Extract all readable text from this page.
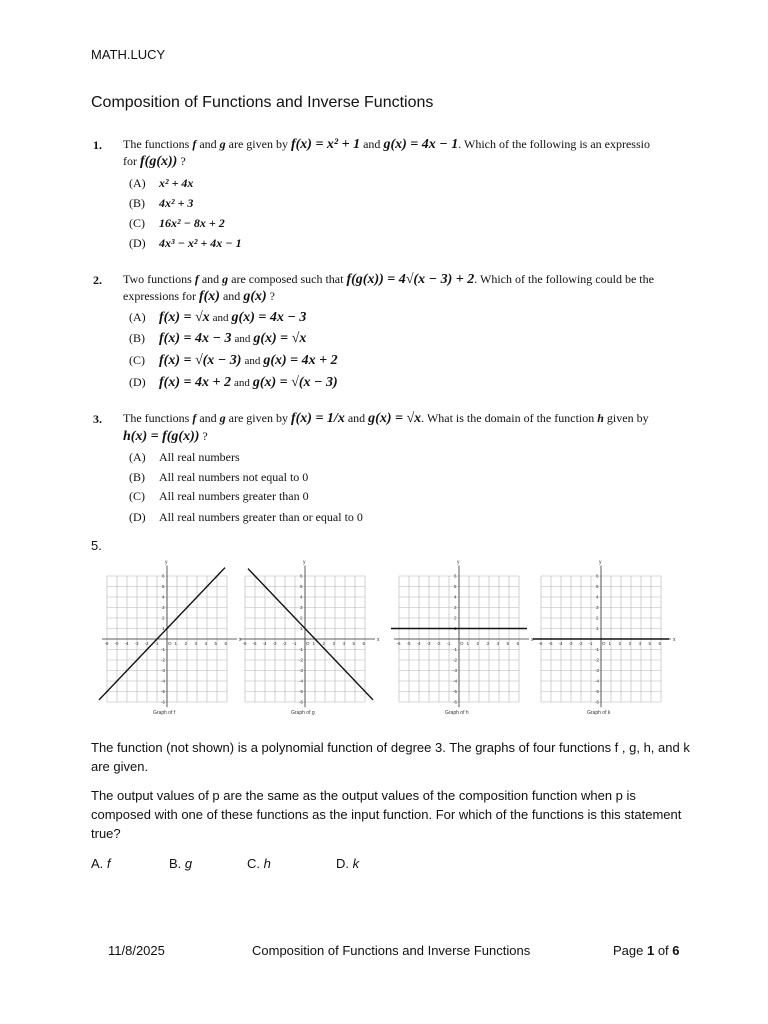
MATH.LUCY
Composition of Functions and Inverse Functions
1. The functions f and g are given by f(x) = x² + 1 and g(x) = 4x − 1. Which of the following is an expressio
for f(g(x)) ?
(A) x² + 4x
(B) 4x² + 3
(C) 16x² − 8x + 2
(D) 4x³ − x² + 4x − 1
2. Two functions f and g are composed such that f(g(x)) = 4√(x − 3) + 2. Which of the following could be the
expressions for f(x) and g(x) ?
(A) f(x) = √x and g(x) = 4x − 3
(B) f(x) = 4x − 3 and g(x) = √x
(C) f(x) = √(x − 3) and g(x) = 4x + 2
(D) f(x) = 4x + 2 and g(x) = √(x − 3)
3. The functions f and g are given by f(x) = 1/x and g(x) = √x. What is the domain of the function h given by
h(x) = f(g(x)) ?
(A) All real numbers
(B) All real numbers not equal to 0
(C) All real numbers greater than 0
(D) All real numbers greater than or equal to 0
5.
x
y
-6 -5 -4 -3 -2 -1 O 1 2 3 4 5 6
6
5
4
3
2
1
-1
-2
-3
-4
-5
-6
Graph of f
x
y
-6 -5 -4 -3 -2 -1 O 1 2 3 4 5 6
6
5
4
3
2
1
-1
-2
-3
-4
-5
-6
Graph of g
x
y
-6 -5 -4 -3 -2 -1 O 1 2 3 4 5 6
6
5
4
3
2
1
-1
-2
-3
-4
-5
-6
Graph of h
x
y
-6 -5 -4 -3 -2 -1 O 1 2 3 4 5 6
6
5
4
3
2
1
-1
-2
-3
-4
-5
-6
Graph of k
The function (not shown) is a polynomial function of degree 3. The graphs of four functions f , g, h, and k are given.
The output values of p are the same as the output values of the composition function when p is composed with one of these functions as the input function. For which of the functions is this statement true?
A. f	B. g	C. h	D. k
11/8/2025	Composition of Functions and Inverse Functions	Page 1 of 6
